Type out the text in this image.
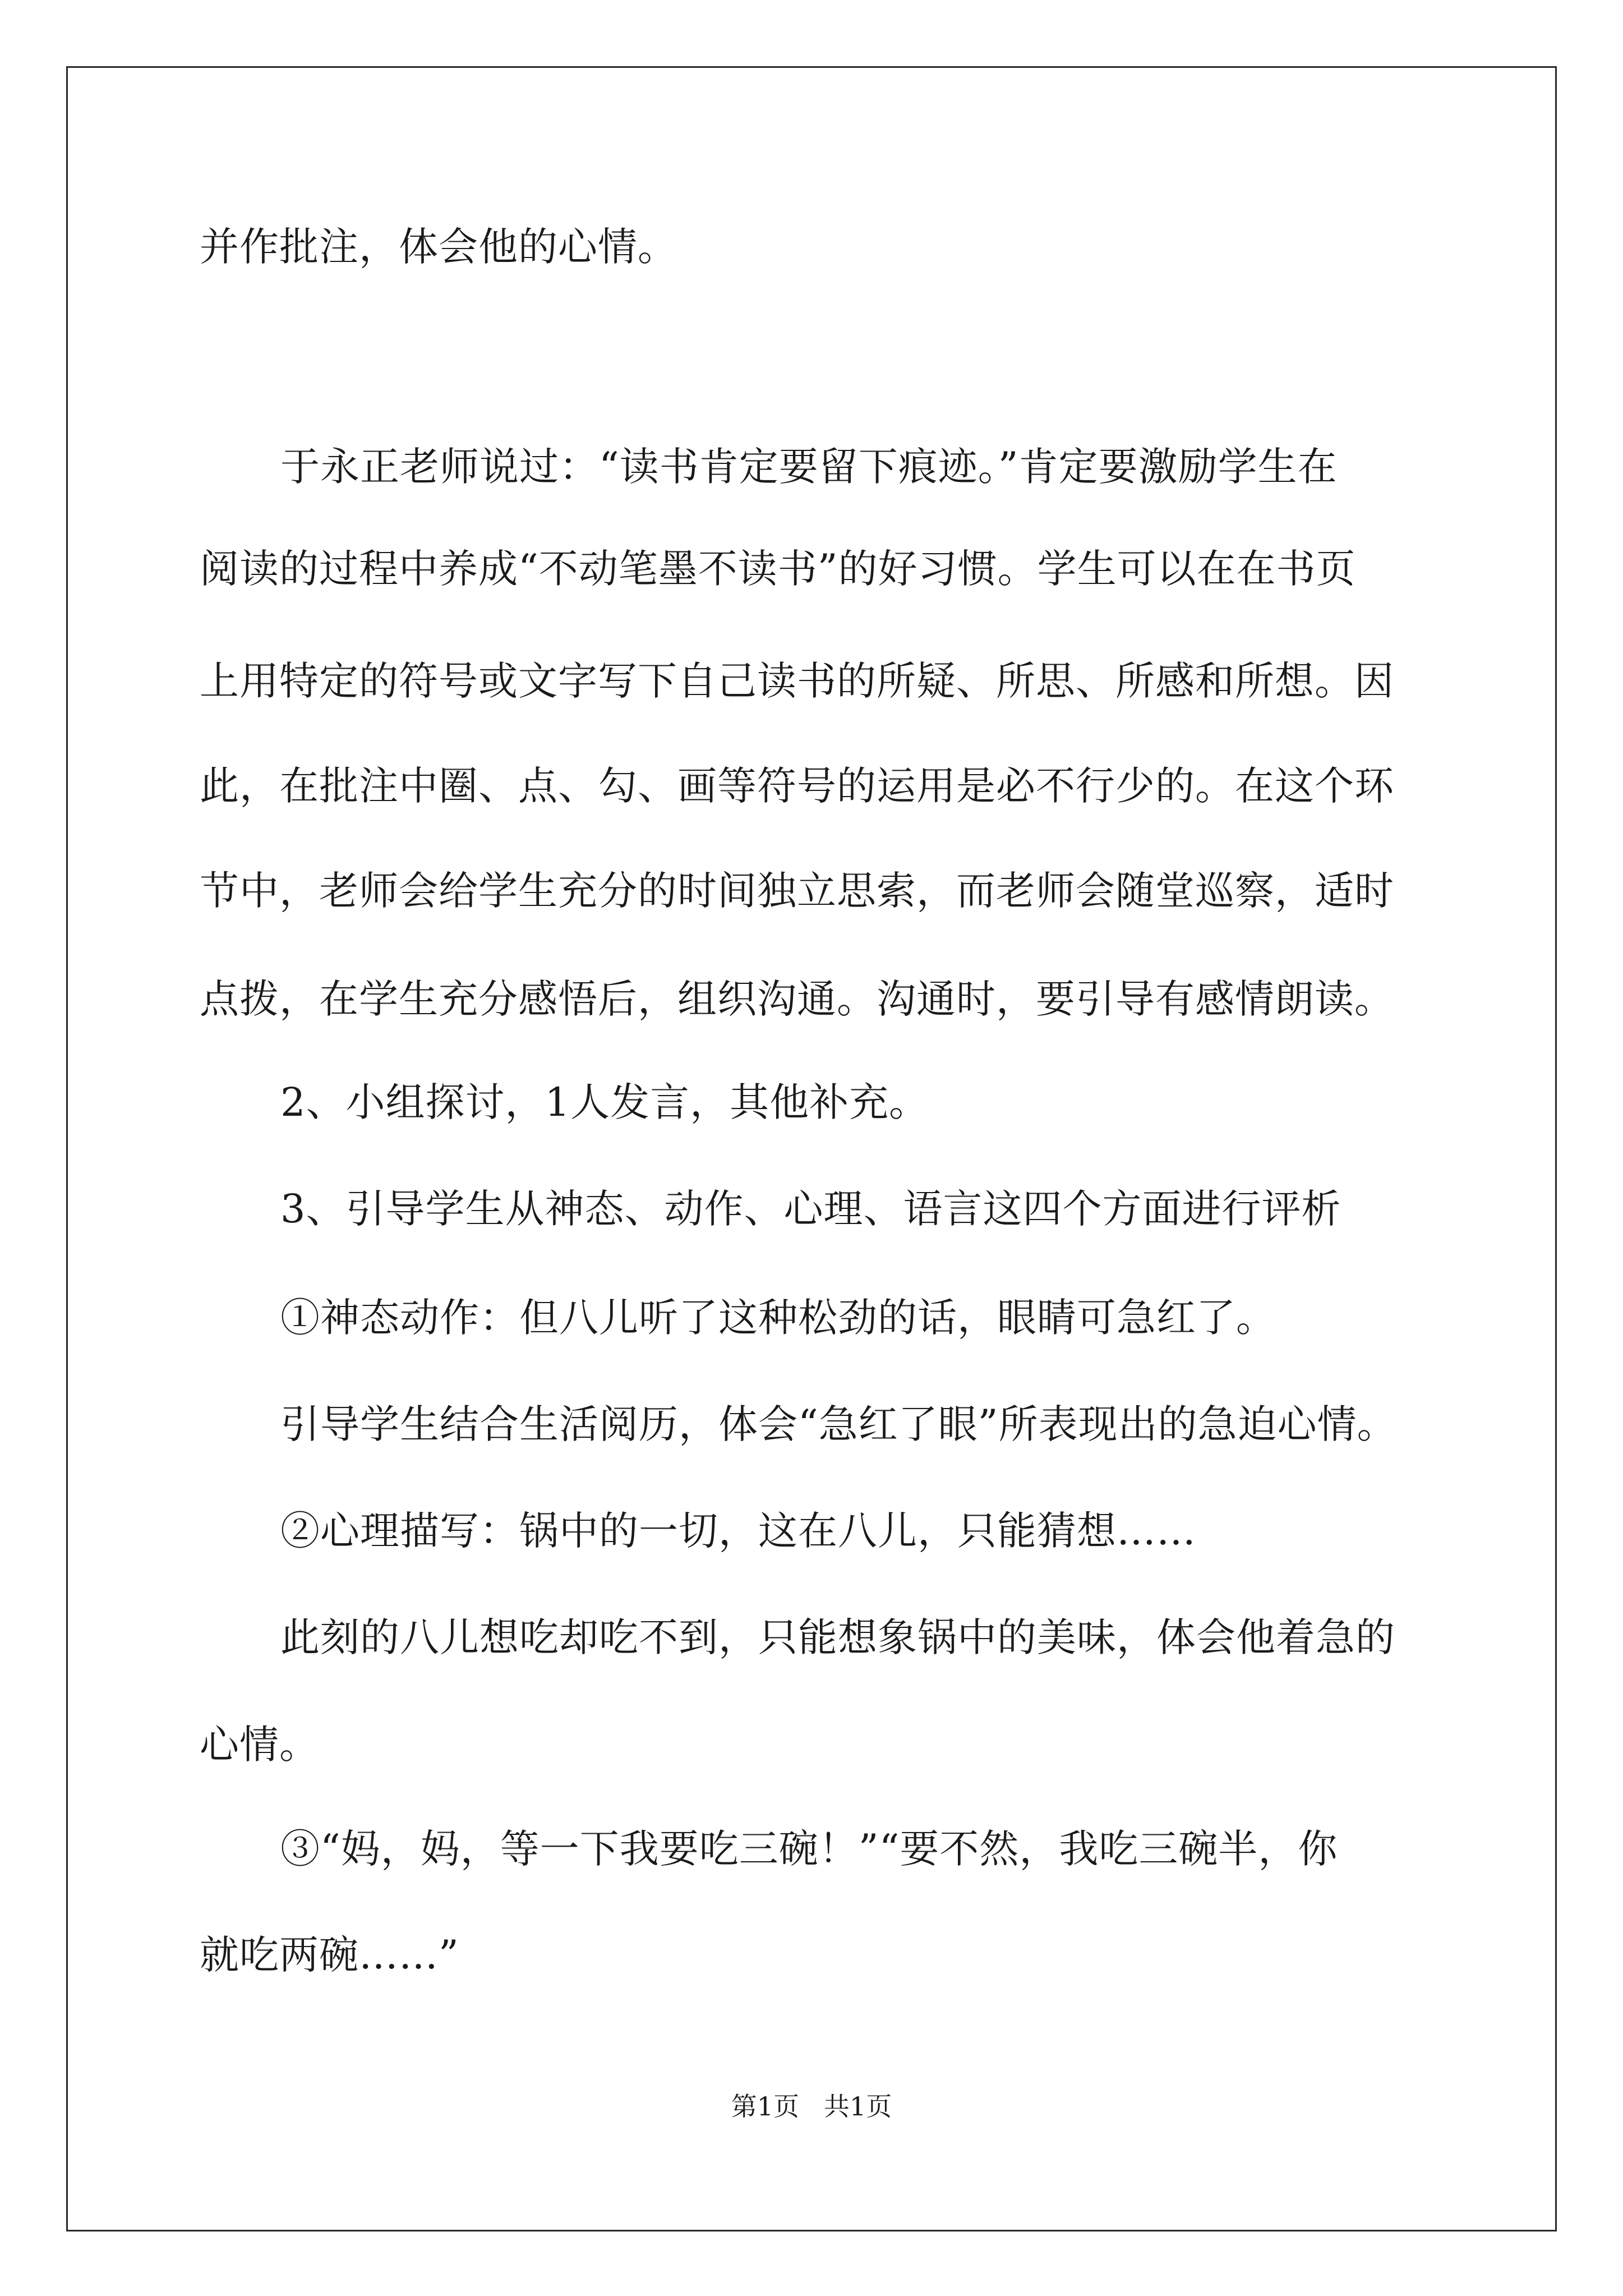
并作批注，体会他的心情。
于永正老师说过：“读书肯定要留下痕迹。”肯定要激励学生在
阅读的过程中养成“不动笔墨不读书”的好习惯。学生可以在在书页
上用特定的符号或文字写下自己读书的所疑、所思、所感和所想。因
此，在批注中圈、点、勾、画等符号的运用是必不行少的。在这个环
节中，老师会给学生充分的时间独立思索，而老师会随堂巡察，适时
点拨，在学生充分感悟后，组织沟通。沟通时，要引导有感情朗读。
2、小组探讨，1人发言，其他补充。
3、引导学生从神态、动作、心理、语言这四个方面进行评析
①神态动作：但八儿听了这种松劲的话，眼睛可急红了。
引导学生结合生活阅历，体会“急红了眼”所表现出的急迫心情。
②心理描写：锅中的一切，这在八儿，只能猜想……
此刻的八儿想吃却吃不到，只能想象锅中的美味，体会他着急的
心情。
③“妈，妈，等一下我要吃三碗！”“要不然，我吃三碗半，你
就吃两碗……”
第1页   共1页
